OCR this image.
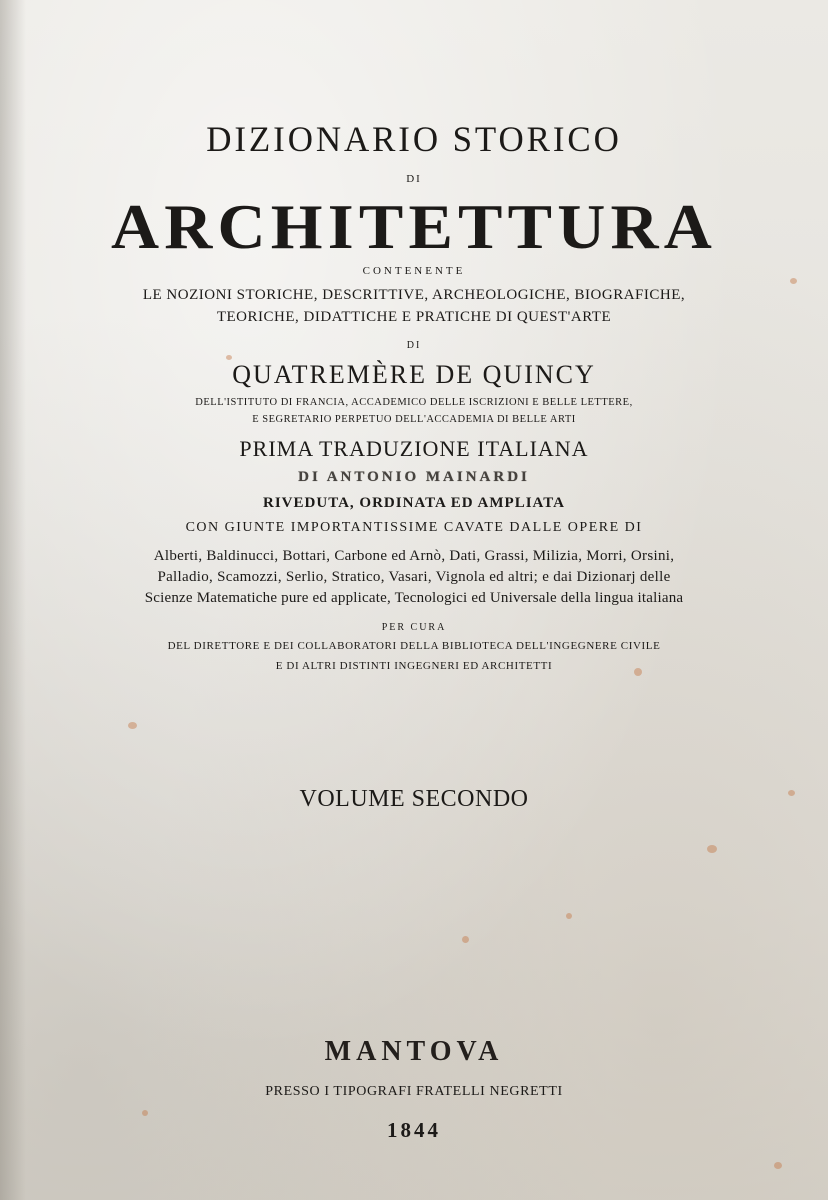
DIZIONARIO STORICO

DI

ARCHITETTURA

CONTENENTE

LE NOZIONI STORICHE, DESCRITTIVE, ARCHEOLOGICHE, BIOGRAFICHE,

TEORICHE, DIDATTICHE E PRATICHE DI QUEST'ARTE

DI

QUATREMÈRE DE QUINCY

DELL'ISTITUTO DI FRANCIA, ACCADEMICO DELLE ISCRIZIONI E BELLE LETTERE,

E SEGRETARIO PERPETUO DELL'ACCADEMIA DI BELLE ARTI

PRIMA TRADUZIONE ITALIANA

DI ANTONIO MAINARDI

RIVEDUTA, ORDINATA ED AMPLIATA

CON GIUNTE IMPORTANTISSIME CAVATE DALLE OPERE DI

Alberti, Baldinucci, Bottari, Carbone ed Arnò, Dati, Grassi, Milizia, Morri, Orsini,

Palladio, Scamozzi, Serlio, Stratico, Vasari, Vignola ed altri; e dai Dizionarj delle

Scienze Matematiche pure ed applicate, Tecnologici ed Universale della lingua italiana

PER CURA

DEL DIRETTORE E DEI COLLABORATORI DELLA BIBLIOTECA DELL'INGEGNERE CIVILE

E DI ALTRI DISTINTI INGEGNERI ED ARCHITETTI

VOLUME SECONDO

MANTOVA

PRESSO I TIPOGRAFI FRATELLI NEGRETTI

1844
